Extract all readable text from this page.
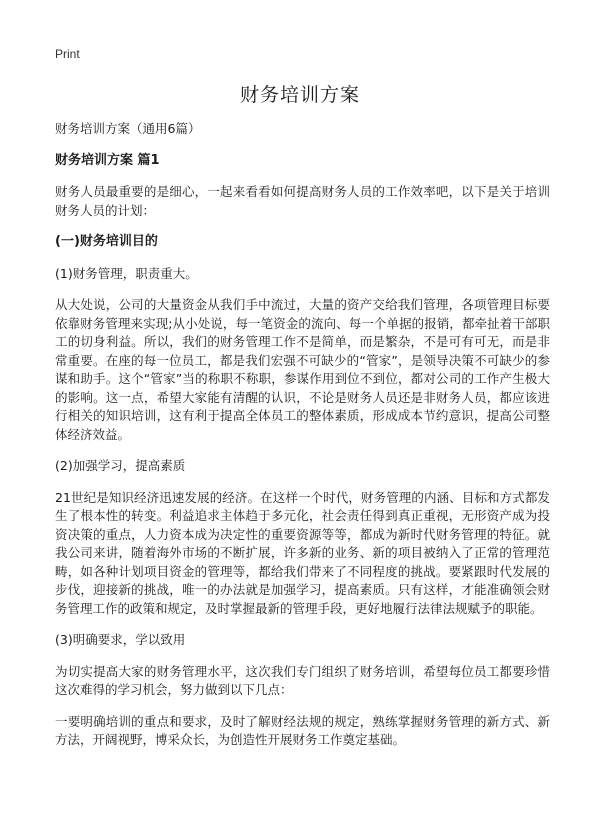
Print
财务培训方案

财务培训方案（通用6篇）

财务培训方案 篇1

财务人员最重要的是细心，一起来看看如何提高财务人员的工作效率吧，以下是关于培训财务人员的计划：

(一)财务培训目的

(1)财务管理，职责重大。

从大处说，公司的大量资金从我们手中流过，大量的资产交给我们管理，各项管理目标要依靠财务管理来实现;从小处说，每一笔资金的流向、每一个单据的报销，都牵扯着干部职工的切身利益。所以，我们的财务管理工作不是简单，而是繁杂，不是可有可无，而是非常重要。在座的每一位员工，都是我们宏强不可缺少的“管家”，是领导决策不可缺少的参谋和助手。这个“管家”当的称职不称职，参谋作用到位不到位，都对公司的工作产生极大的影响。这一点，希望大家能有清醒的认识，不论是财务人员还是非财务人员，都应该进行相关的知识培训，这有利于提高全体员工的整体素质，形成成本节约意识，提高公司整体经济效益。

(2)加强学习，提高素质

21世纪是知识经济迅速发展的经济。在这样一个时代，财务管理的内涵、目标和方式都发生了根本性的转变。利益追求主体趋于多元化，社会责任得到真正重视，无形资产成为投资决策的重点，人力资本成为决定性的重要资源等等，都成为新时代财务管理的特征。就我公司来讲，随着海外市场的不断扩展，许多新的业务、新的项目被纳入了正常的管理范畴，如各种计划项目资金的管理等，都给我们带来了不同程度的挑战。要紧跟时代发展的步伐，迎接新的挑战，唯一的办法就是加强学习，提高素质。只有这样，才能准确领会财务管理工作的政策和规定，及时掌握最新的管理手段，更好地履行法律法规赋予的职能。

(3)明确要求，学以致用

为切实提高大家的财务管理水平，这次我们专门组织了财务培训，希望每位员工都要珍惜这次难得的学习机会，努力做到以下几点：

一要明确培训的重点和要求，及时了解财经法规的规定，熟练掌握财务管理的新方式、新方法，开阔视野，博采众长，为创造性开展财务工作奠定基础。
